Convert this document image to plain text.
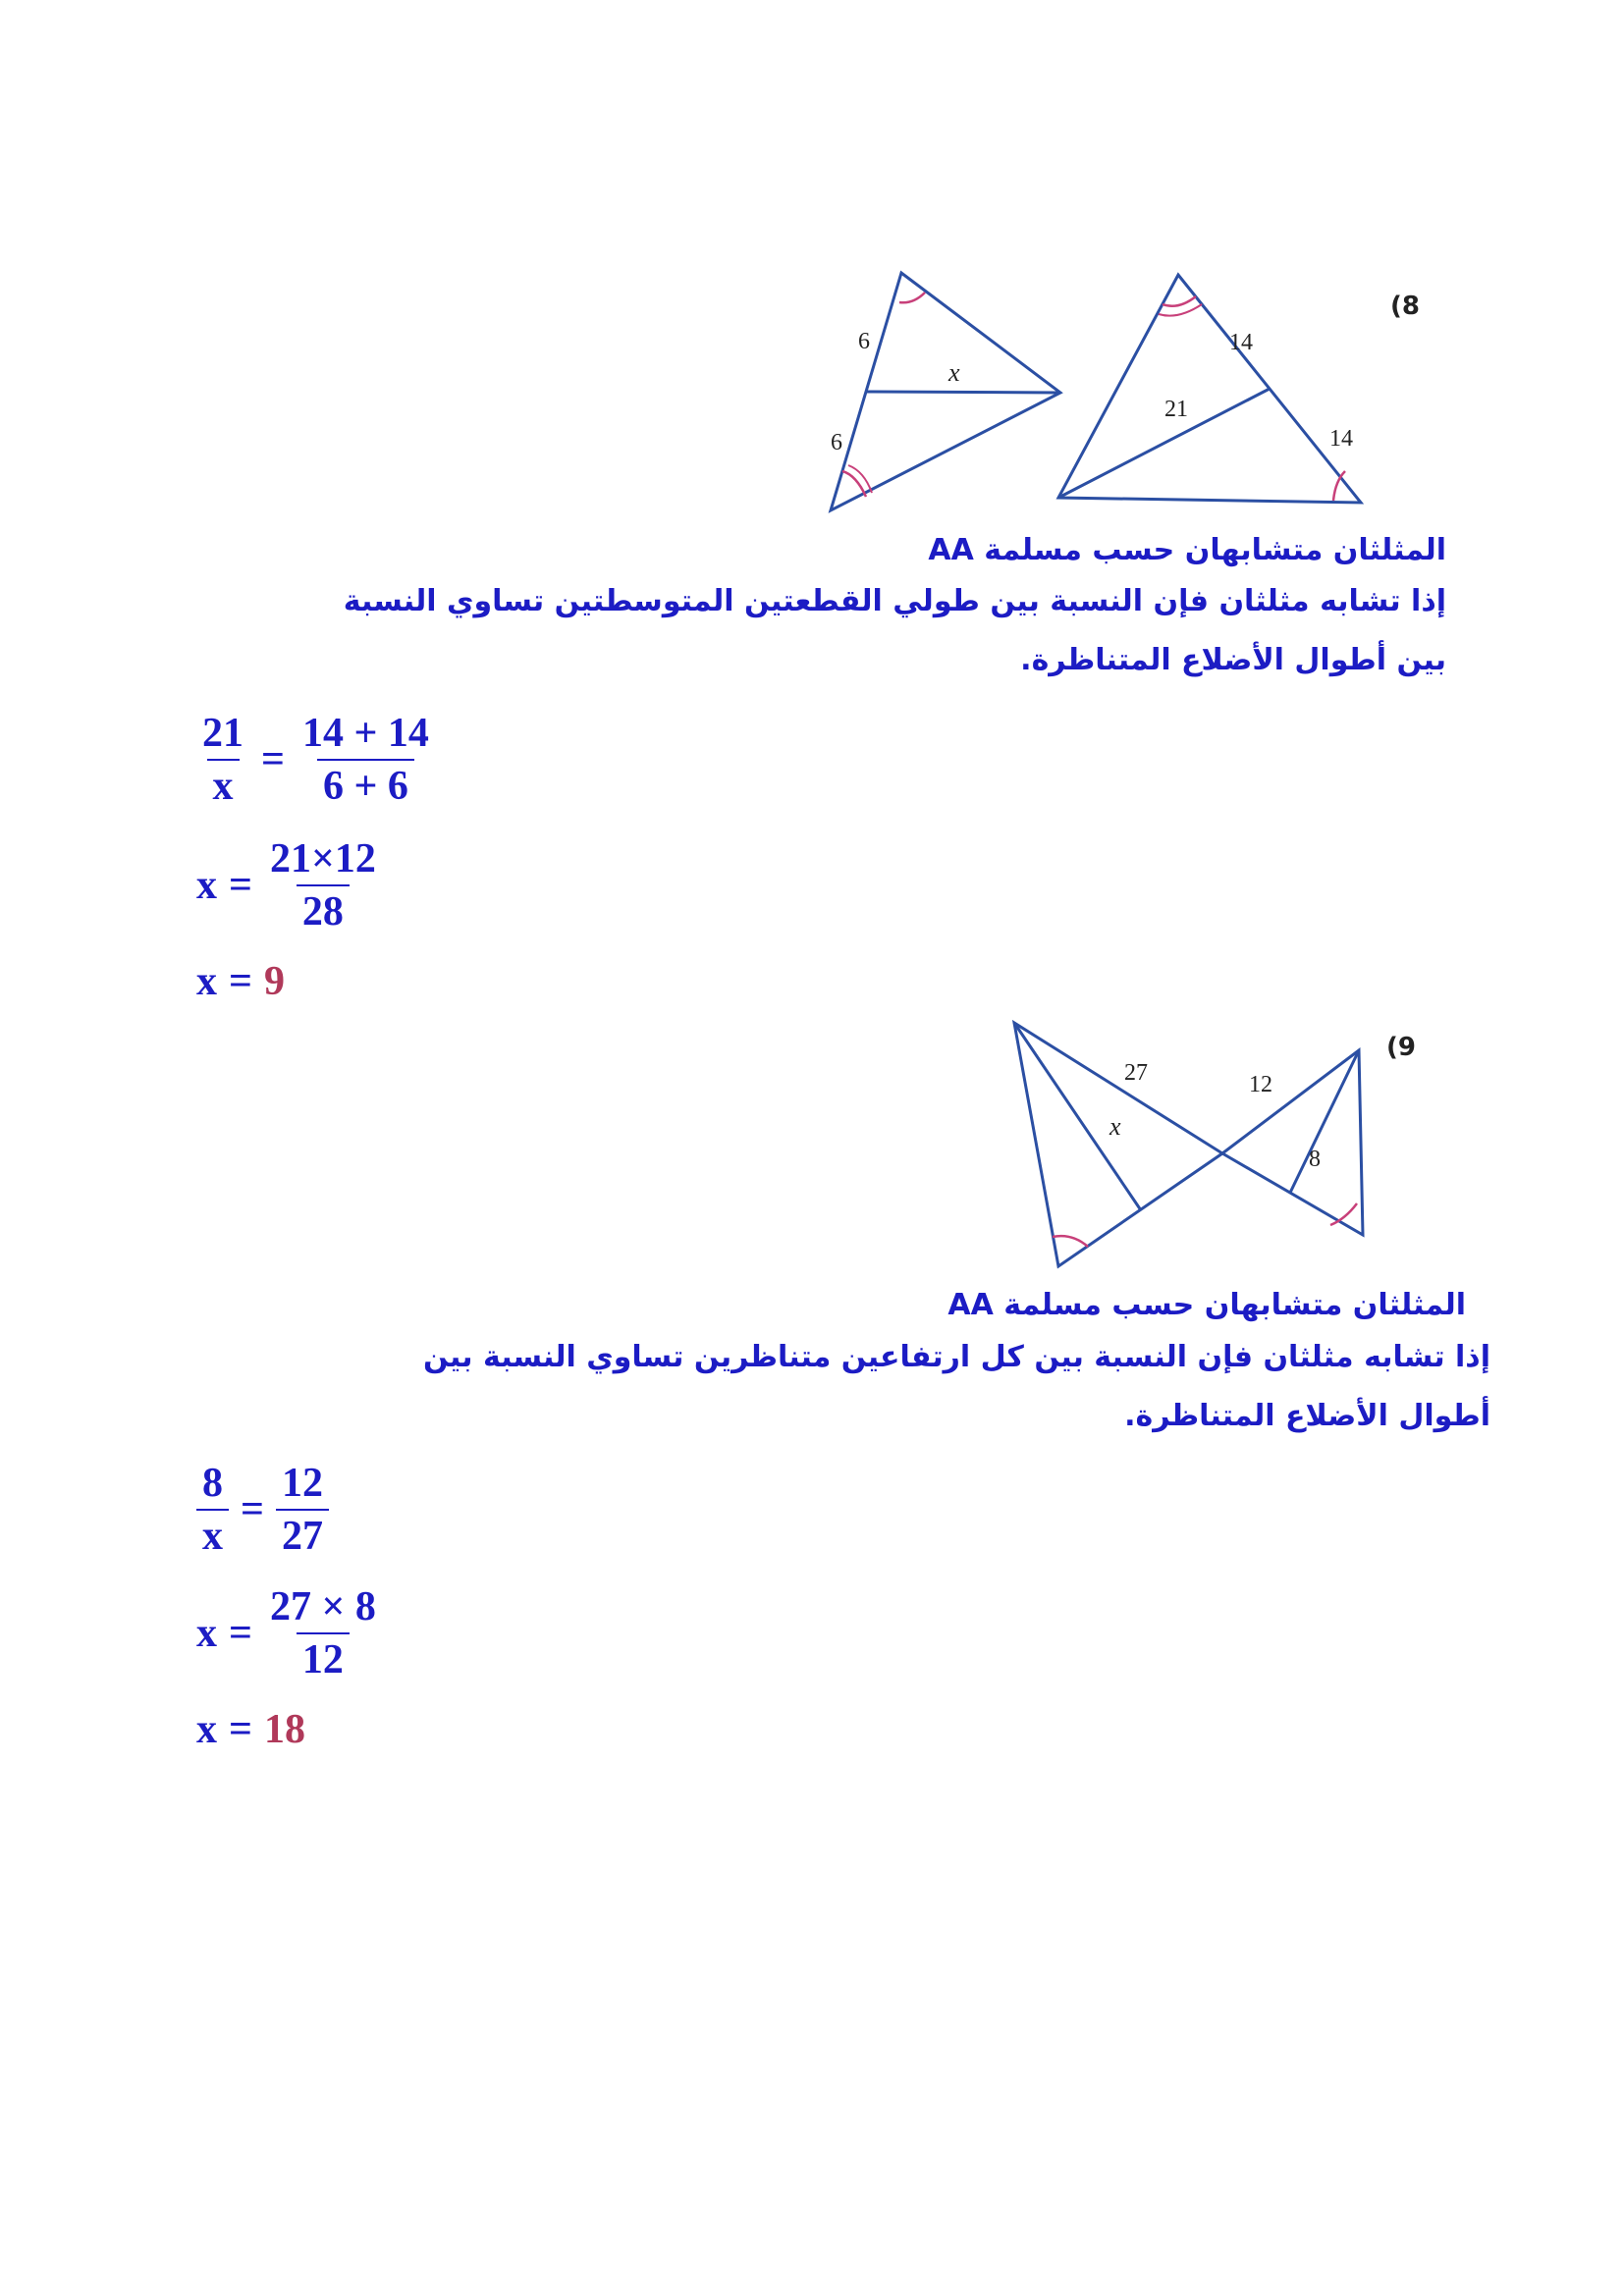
6
6
x
14
14
21
(8
المثلثان متشابهان حسب مسلمة AA
إذا تشابه مثلثان فإن النسبة بين طولي القطعتين المتوسطتين تساوي النسبة
بين أطوال الأضلاع المتناظرة.
$\frac{21}{x} = \frac{14 + 14}{6 + 6}$
$x = \frac{21\times 12}{28}$
x = 9
27
x
12
8
(9
المثلثان متشابهان حسب مسلمة AA
إذا تشابه مثلثان فإن النسبة بين كل ارتفاعين متناظرين تساوي النسبة بين
أطوال الأضلاع المتناظرة.
$\frac{8}{x} = \frac{12}{27}$
$x = \frac{27 \times 8}{12}$
x = 18
